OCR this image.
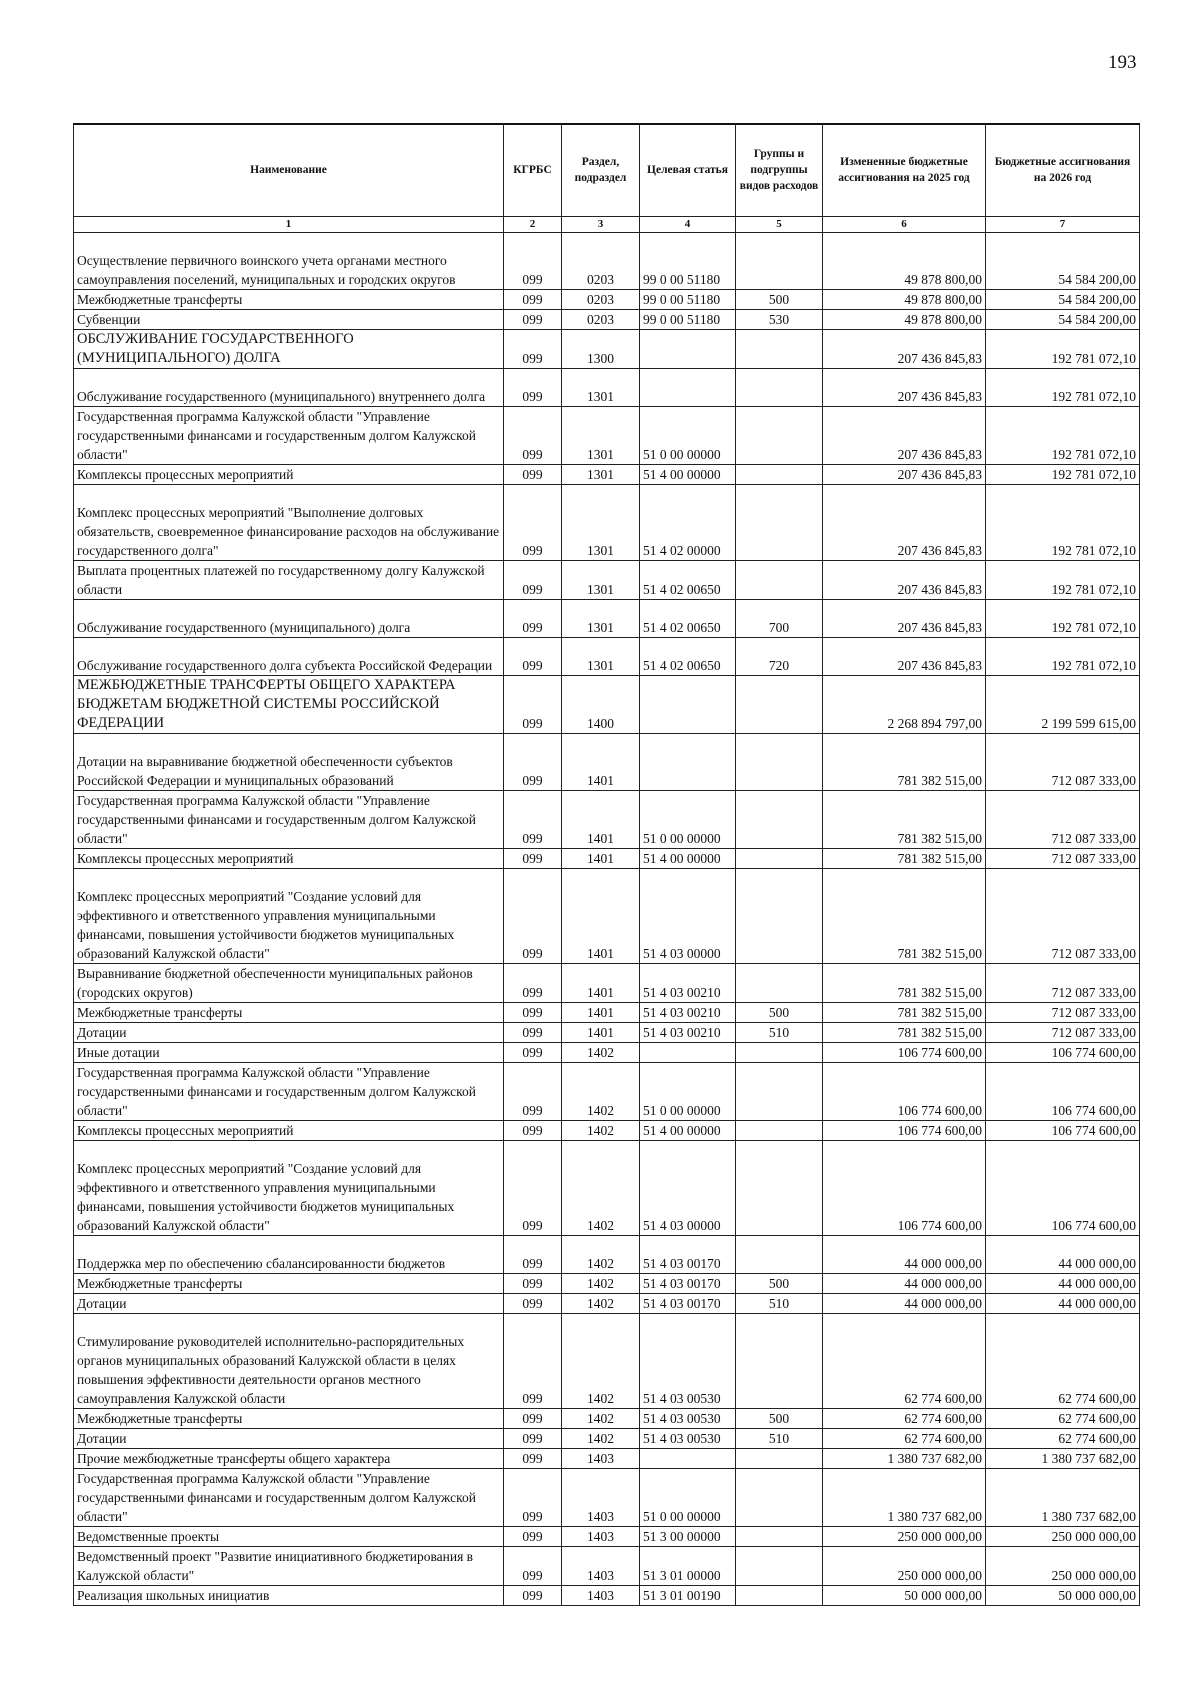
193
Наименование	КГРБС	Раздел, подраздел	Целевая статья	Группы и подгруппы видов расходов	Измененные бюджетные ассигнования на 2025 год	Бюджетные ассигнования на 2026 год
1	2	3	4	5	6	7
Осуществление первичного воинского учета органами местного самоуправления поселений, муниципальных и городских округов	099	0203	99 0 00 51180		49 878 800,00	54 584 200,00
Межбюджетные трансферты	099	0203	99 0 00 51180	500	49 878 800,00	54 584 200,00
Субвенции	099	0203	99 0 00 51180	530	49 878 800,00	54 584 200,00
ОБСЛУЖИВАНИЕ ГОСУДАРСТВЕННОГО (МУНИЦИПАЛЬНОГО) ДОЛГА	099	1300			207 436 845,83	192 781 072,10
Обслуживание государственного (муниципального) внутреннего долга	099	1301			207 436 845,83	192 781 072,10
Государственная программа Калужской области "Управление государственными финансами и государственным долгом Калужской области"	099	1301	51 0 00 00000		207 436 845,83	192 781 072,10
Комплексы процессных мероприятий	099	1301	51 4 00 00000		207 436 845,83	192 781 072,10
Комплекс процессных мероприятий "Выполнение долговых обязательств, своевременное финансирование расходов на обслуживание государственного долга"	099	1301	51 4 02 00000		207 436 845,83	192 781 072,10
Выплата процентных платежей по государственному долгу Калужской области	099	1301	51 4 02 00650		207 436 845,83	192 781 072,10
Обслуживание государственного (муниципального) долга	099	1301	51 4 02 00650	700	207 436 845,83	192 781 072,10
Обслуживание государственного долга субъекта Российской Федерации	099	1301	51 4 02 00650	720	207 436 845,83	192 781 072,10
МЕЖБЮДЖЕТНЫЕ ТРАНСФЕРТЫ ОБЩЕГО ХАРАКТЕРА БЮДЖЕТАМ БЮДЖЕТНОЙ СИСТЕМЫ РОССИЙСКОЙ ФЕДЕРАЦИИ	099	1400			2 268 894 797,00	2 199 599 615,00
Дотации на выравнивание бюджетной обеспеченности субъектов Российской Федерации и муниципальных образований	099	1401			781 382 515,00	712 087 333,00
Государственная программа Калужской области "Управление государственными финансами и государственным долгом Калужской области"	099	1401	51 0 00 00000		781 382 515,00	712 087 333,00
Комплексы процессных мероприятий	099	1401	51 4 00 00000		781 382 515,00	712 087 333,00
Комплекс процессных мероприятий "Создание условий для эффективного и ответственного управления муниципальными финансами, повышения устойчивости бюджетов муниципальных образований Калужской области"	099	1401	51 4 03 00000		781 382 515,00	712 087 333,00
Выравнивание бюджетной обеспеченности муниципальных районов (городских округов)	099	1401	51 4 03 00210		781 382 515,00	712 087 333,00
Межбюджетные трансферты	099	1401	51 4 03 00210	500	781 382 515,00	712 087 333,00
Дотации	099	1401	51 4 03 00210	510	781 382 515,00	712 087 333,00
Иные дотации	099	1402			106 774 600,00	106 774 600,00
Государственная программа Калужской области "Управление государственными финансами и государственным долгом Калужской области"	099	1402	51 0 00 00000		106 774 600,00	106 774 600,00
Комплексы процессных мероприятий	099	1402	51 4 00 00000		106 774 600,00	106 774 600,00
Комплекс процессных мероприятий "Создание условий для эффективного и ответственного управления муниципальными финансами, повышения устойчивости бюджетов муниципальных образований Калужской области"	099	1402	51 4 03 00000		106 774 600,00	106 774 600,00
Поддержка мер по обеспечению сбалансированности бюджетов	099	1402	51 4 03 00170		44 000 000,00	44 000 000,00
Межбюджетные трансферты	099	1402	51 4 03 00170	500	44 000 000,00	44 000 000,00
Дотации	099	1402	51 4 03 00170	510	44 000 000,00	44 000 000,00
Стимулирование руководителей исполнительно-распорядительных органов муниципальных образований Калужской области в целях повышения эффективности деятельности органов местного самоуправления Калужской области	099	1402	51 4 03 00530		62 774 600,00	62 774 600,00
Межбюджетные трансферты	099	1402	51 4 03 00530	500	62 774 600,00	62 774 600,00
Дотации	099	1402	51 4 03 00530	510	62 774 600,00	62 774 600,00
Прочие межбюджетные трансферты общего характера	099	1403			1 380 737 682,00	1 380 737 682,00
Государственная программа Калужской области "Управление государственными финансами и государственным долгом Калужской области"	099	1403	51 0 00 00000		1 380 737 682,00	1 380 737 682,00
Ведомственные проекты	099	1403	51 3 00 00000		250 000 000,00	250 000 000,00
Ведомственный проект "Развитие инициативного бюджетирования в Калужской области"	099	1403	51 3 01 00000		250 000 000,00	250 000 000,00
Реализация школьных инициатив	099	1403	51 3 01 00190		50 000 000,00	50 000 000,00
